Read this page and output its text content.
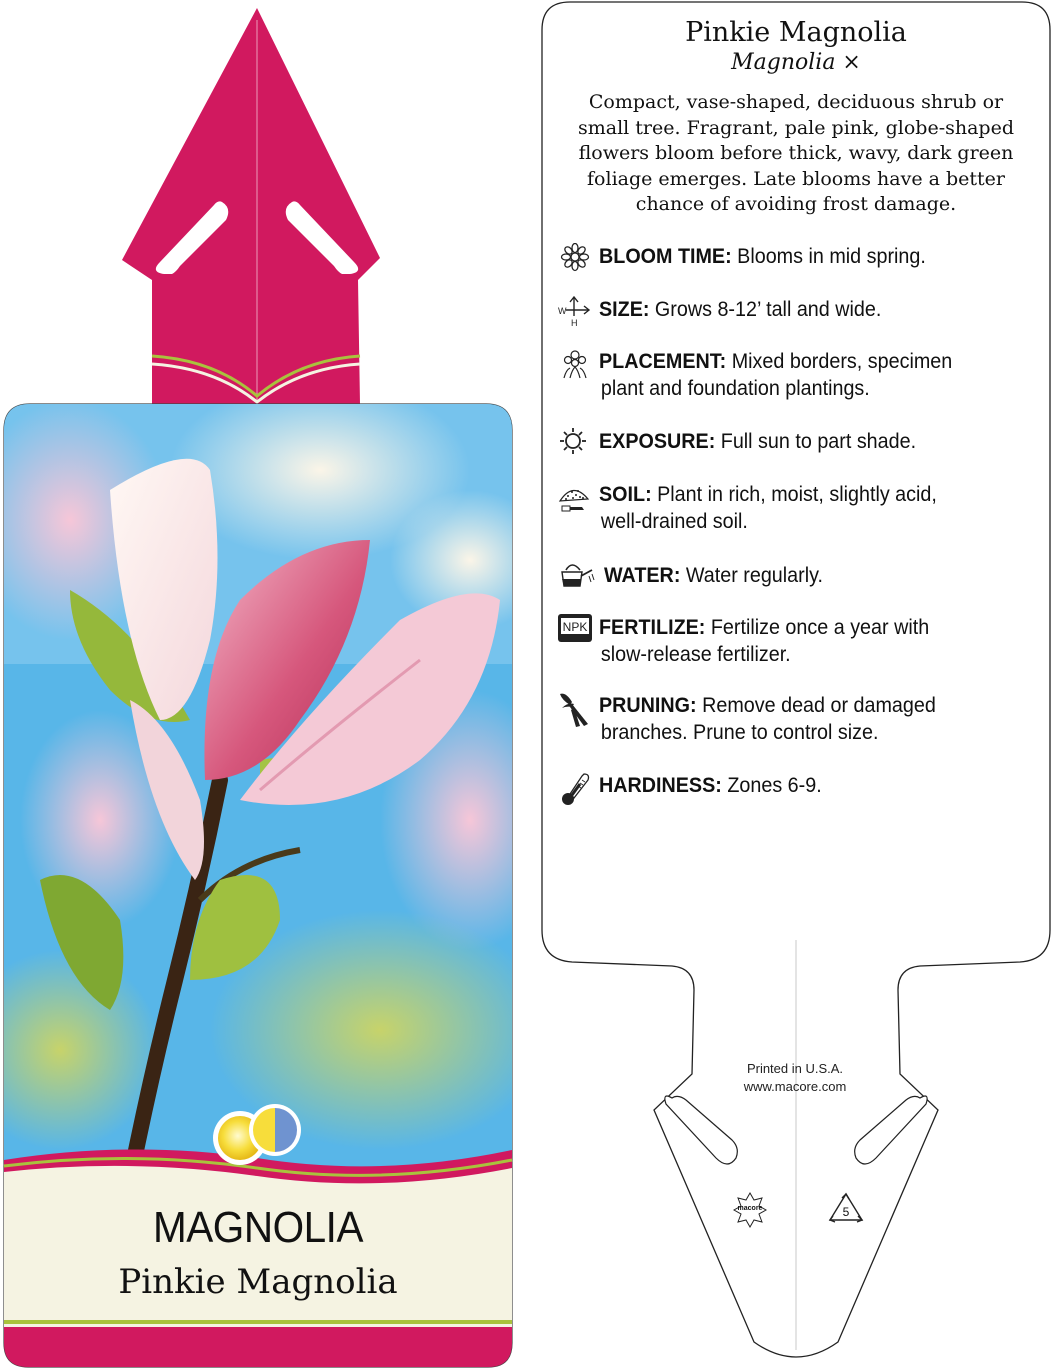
MAGNOLIA
Pinkie Magnolia
Pinkie Magnolia
Magnolia ×
Compact, vase-shaped, deciduous shrub or small tree. Fragrant, pale pink, globe-shaped flowers bloom before thick, wavy, dark green foliage emerges. Late blooms have a better chance of avoiding frost damage.
BLOOM TIME: Blooms in mid spring.
W
H
SIZE: Grows 8-12’ tall and wide.
PLACEMENT: Mixed borders, specimen
plant and foundation plantings.
EXPOSURE: Full sun to part shade.
SOIL: Plant in rich, moist, slightly acid,
well-drained soil.
WATER: Water regularly.
NPK FERTILIZE: Fertilize once a year with
slow-release fertilizer.
PRUNING: Remove dead or damaged
branches. Prune to control size.
HARDINESS: Zones 6-9.
Printed in U.S.A.
www.macore.com
macore	5
